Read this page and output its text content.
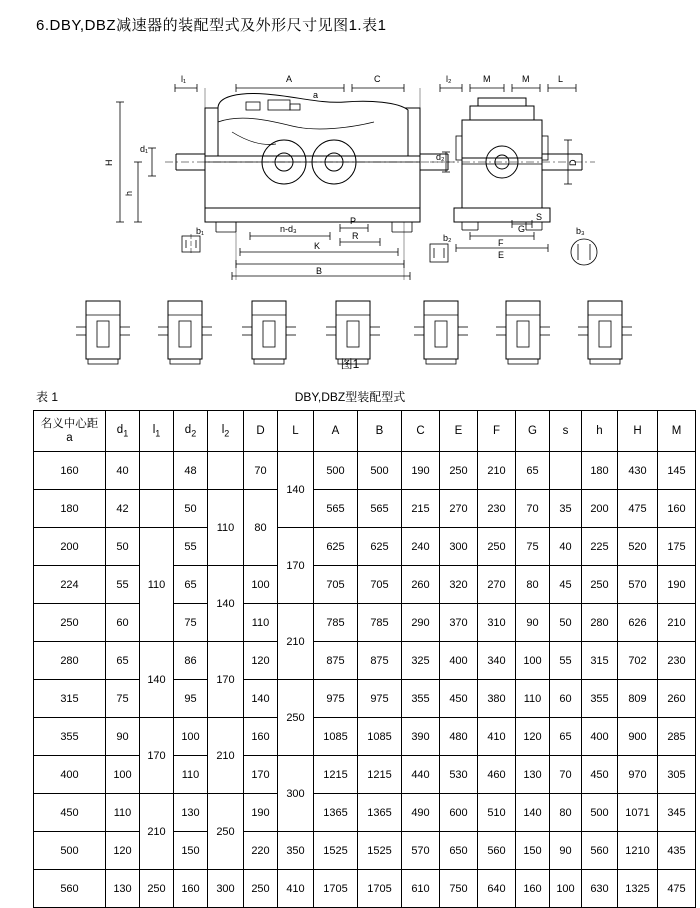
6.DBY,DBZ减速器的装配型式及外形尺寸见图1.表1
l₁	A	C
a
H
h
d₁
b₁	n-d₃
P
R
K
B
l₂	M	M	L
D
d₂
b₂
b₃
G
S
F
E
图1
表 1	DBY,DBZ型装配型式
名义中心距
a	$d_1$	$l_1$	$d_2$	$l_2$	D	L	A	B	C	E	F	G	s	h	H	M
160	40		48		70	140	500	500	190	250	210	65		180	430	145
180	42		50	110	80		565	565	215	270	230	70	35	200	475	160
200	50	110	55			170	625	625	240	300	250	75	40	225	520	175
224	55		65	140	100		705	705	260	320	270	80	45	250	570	190
250	60		75		110	210	785	785	290	370	310	90	50	280	626	210
280	65	140	86	170	120		875	875	325	400	340	100	55	315	702	230
315	75		95		140	250	975	975	355	450	380	110	60	355	809	260
355	90	170	100	210	160		1085	1085	390	480	410	120	65	400	900	285
400	100		110		170	300	1215	1215	440	530	460	130	70	450	970	305
450	110	210	130	250	190		1365	1365	490	600	510	140	80	500	1071	345
500	120		150		220	350	1525	1525	570	650	560	150	90	560	1210	435
560	130	250	160	300	250	410	1705	1705	610	750	640	160	100	630	1325	475
